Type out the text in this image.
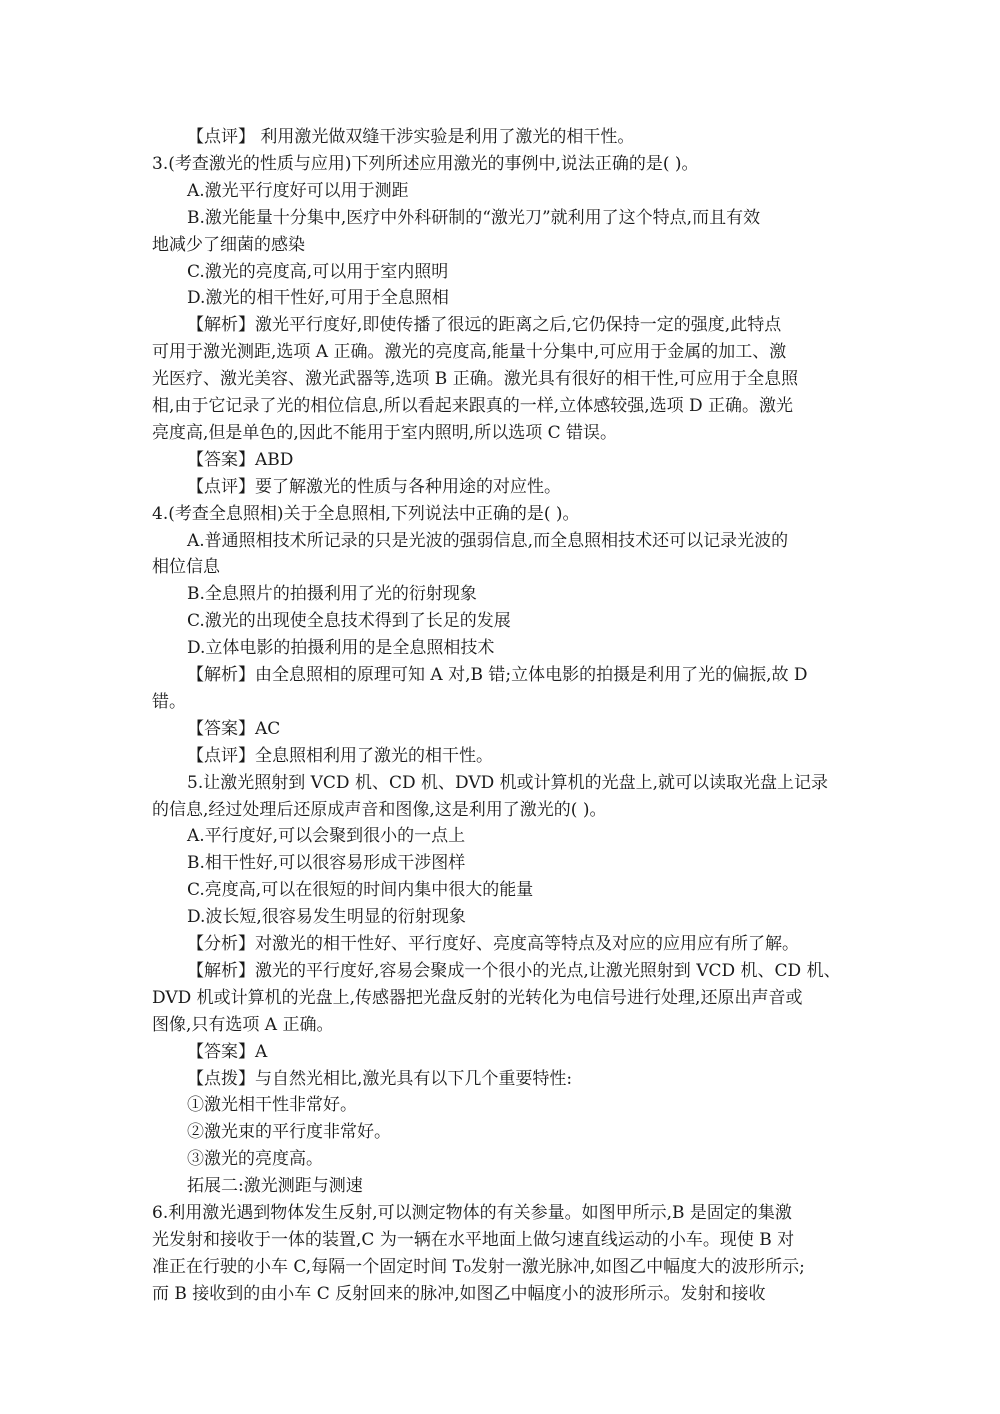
【点评】 利用激光做双缝干涉实验是利用了激光的相干性。
3.(考查激光的性质与应用)下列所述应用激光的事例中,说法正确的是( )。
A.激光平行度好可以用于测距
B.激光能量十分集中,医疗中外科研制的“激光刀”就利用了这个特点,而且有效
地减少了细菌的感染
C.激光的亮度高,可以用于室内照明
D.激光的相干性好,可用于全息照相
【解析】激光平行度好,即使传播了很远的距离之后,它仍保持一定的强度,此特点
可用于激光测距,选项 A 正确。激光的亮度高,能量十分集中,可应用于金属的加工、激
光医疗、激光美容、激光武器等,选项 B 正确。激光具有很好的相干性,可应用于全息照
相,由于它记录了光的相位信息,所以看起来跟真的一样,立体感较强,选项 D 正确。激光
亮度高,但是单色的,因此不能用于室内照明,所以选项 C 错误。
【答案】ABD
【点评】要了解激光的性质与各种用途的对应性。
4.(考查全息照相)关于全息照相,下列说法中正确的是( )。
A.普通照相技术所记录的只是光波的强弱信息,而全息照相技术还可以记录光波的
相位信息
B.全息照片的拍摄利用了光的衍射现象
C.激光的出现使全息技术得到了长足的发展
D.立体电影的拍摄利用的是全息照相技术
【解析】由全息照相的原理可知 A 对,B 错;立体电影的拍摄是利用了光的偏振,故 D
错。
【答案】AC
【点评】全息照相利用了激光的相干性。
5.让激光照射到 VCD 机、CD 机、DVD 机或计算机的光盘上,就可以读取光盘上记录
的信息,经过处理后还原成声音和图像,这是利用了激光的( )。
A.平行度好,可以会聚到很小的一点上
B.相干性好,可以很容易形成干涉图样
C.亮度高,可以在很短的时间内集中很大的能量
D.波长短,很容易发生明显的衍射现象
【分析】对激光的相干性好、平行度好、亮度高等特点及对应的应用应有所了解。
【解析】激光的平行度好,容易会聚成一个很小的光点,让激光照射到 VCD 机、CD 机、
DVD 机或计算机的光盘上,传感器把光盘反射的光转化为电信号进行处理,还原出声音或
图像,只有选项 A 正确。
【答案】A
【点拨】与自然光相比,激光具有以下几个重要特性:
①激光相干性非常好。
②激光束的平行度非常好。
③激光的亮度高。
拓展二:激光测距与测速
6.利用激光遇到物体发生反射,可以测定物体的有关参量。如图甲所示,B 是固定的集激
光发射和接收于一体的装置,C 为一辆在水平地面上做匀速直线运动的小车。现使 B 对
准正在行驶的小车 C,每隔一个固定时间 T₀发射一激光脉冲,如图乙中幅度大的波形所示;
而 B 接收到的由小车 C 反射回来的脉冲,如图乙中幅度小的波形所示。发射和接收
